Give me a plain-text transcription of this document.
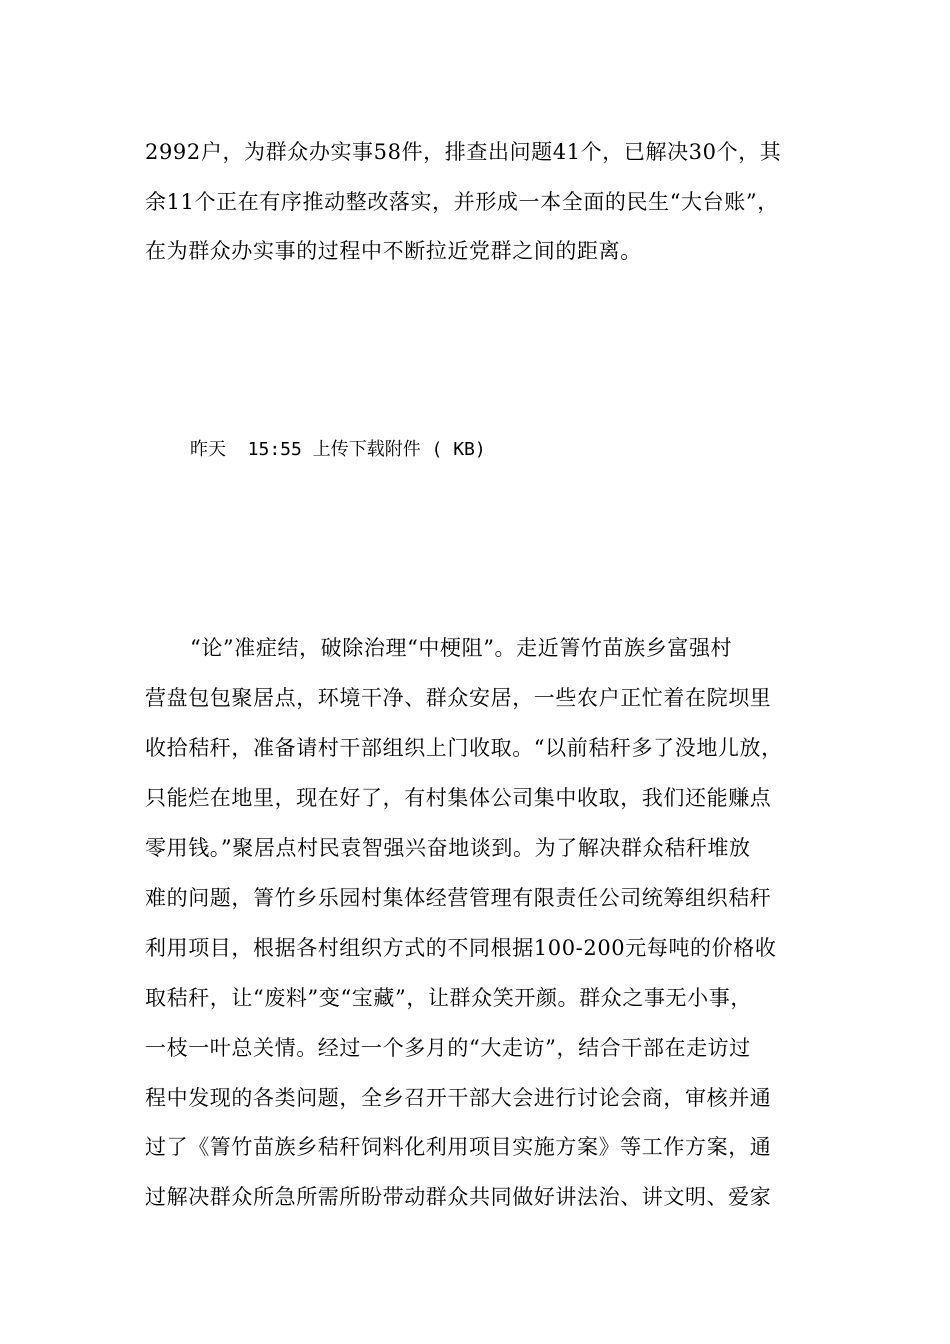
2992户，为群众办实事58件，排查出问题41个，已解决30个，其
余11个正在有序推动整改落实，并形成一本全面的民生“大台账”，
在为群众办实事的过程中不断拉近党群之间的距离。
昨天  15:55 上传下载附件 ( KB)
“论”准症结，破除治理“中梗阻”。走近箐竹苗族乡富强村
营盘包包聚居点，环境干净、群众安居，一些农户正忙着在院坝里
收拾秸秆，准备请村干部组织上门收取。“以前秸秆多了没地儿放，
只能烂在地里，现在好了，有村集体公司集中收取，我们还能赚点
零用钱。”聚居点村民袁智强兴奋地谈到。为了解决群众秸秆堆放
难的问题，箐竹乡乐园村集体经营管理有限责任公司统筹组织秸秆
利用项目，根据各村组织方式的不同根据100-200元每吨的价格收
取秸秆，让“废料”变“宝藏”，让群众笑开颜。群众之事无小事，
一枝一叶总关情。经过一个多月的“大走访”，结合干部在走访过
程中发现的各类问题，全乡召开干部大会进行讨论会商，审核并通
过了《箐竹苗族乡秸秆饲料化利用项目实施方案》等工作方案，通
过解决群众所急所需所盼带动群众共同做好讲法治、讲文明、爱家
